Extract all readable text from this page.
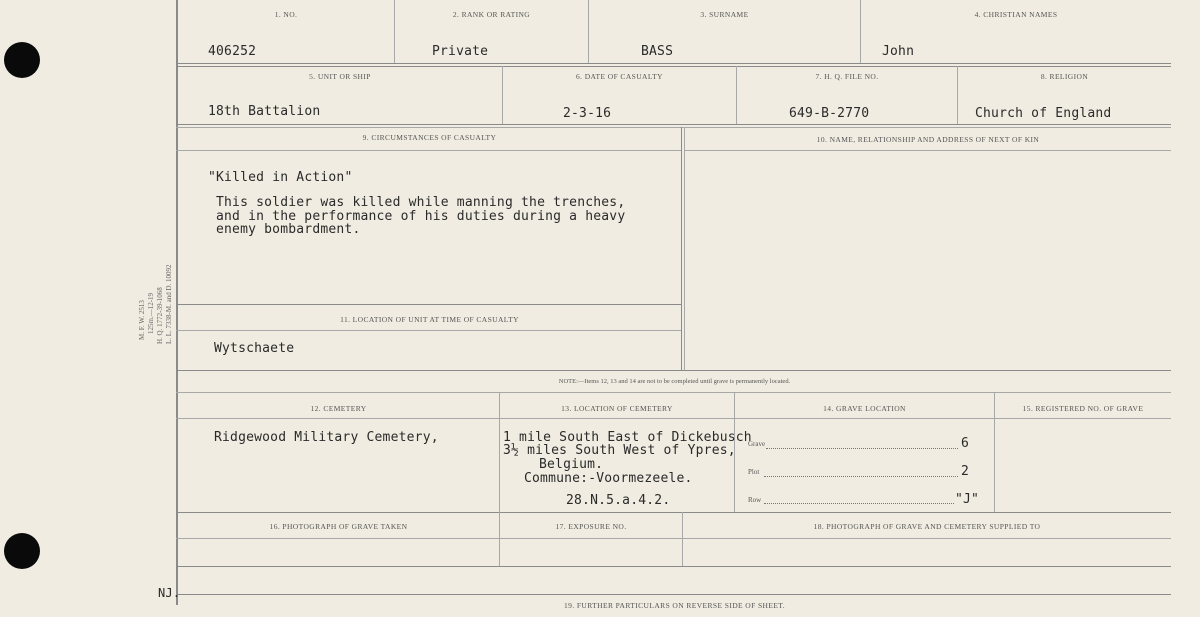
M. F. W. 2513 125m.—12-19 H. Q. 1772-39-1068 L. L. 7338-M. and D. 10092
1. NO.	2. RANK OR RATING	3. SURNAME	4. CHRISTIAN NAMES
406252	Private	BASS	John
5. UNIT OR SHIP	6. DATE OF CASUALTY	7. H. Q. FILE NO.	8. RELIGION
18th Battalion	2-3-16	649-B-2770	Church of England
9. CIRCUMSTANCES OF CASUALTY	10. NAME, RELATIONSHIP AND ADDRESS OF NEXT OF KIN
"Killed in Action"
This soldier was killed while manning the trenches,
and in the performance of his duties during a heavy
enemy bombardment.
11. LOCATION OF UNIT AT TIME OF CASUALTY
Wytschaete
NOTE:—Items 12, 13 and 14 are not to be completed until grave is permanently located.
12. CEMETERY	13. LOCATION OF CEMETERY	14. GRAVE LOCATION	15. REGISTERED NO. OF GRAVE
Ridgewood Military Cemetery,	1 mile South East of Dickebusch
3½ miles South West of Ypres,
Belgium.
Commune:-Voormezeele.
28.N.5.a.4.2.
Grave	6
Plot	2
Row	"J"
16. PHOTOGRAPH OF GRAVE TAKEN	17. EXPOSURE NO.	18. PHOTOGRAPH OF GRAVE AND CEMETERY SUPPLIED TO
NJ.
19. FURTHER PARTICULARS ON REVERSE SIDE OF SHEET.
